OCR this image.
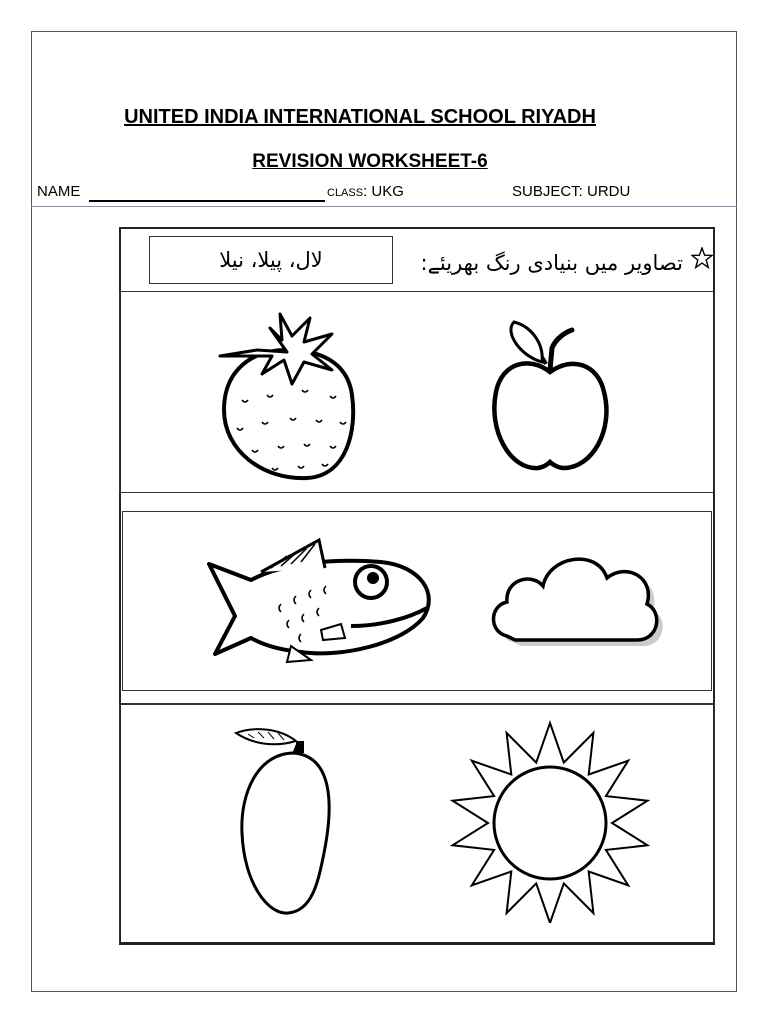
UNITED INDIA INTERNATIONAL SCHOOL RIYADH
REVISION WORKSHEET-6
NAME	CLASS: UKG	SUBJECT: URDU
لال، پیلا، نیلا	تصاویر میں بنیادی رنگ بھریئے:
